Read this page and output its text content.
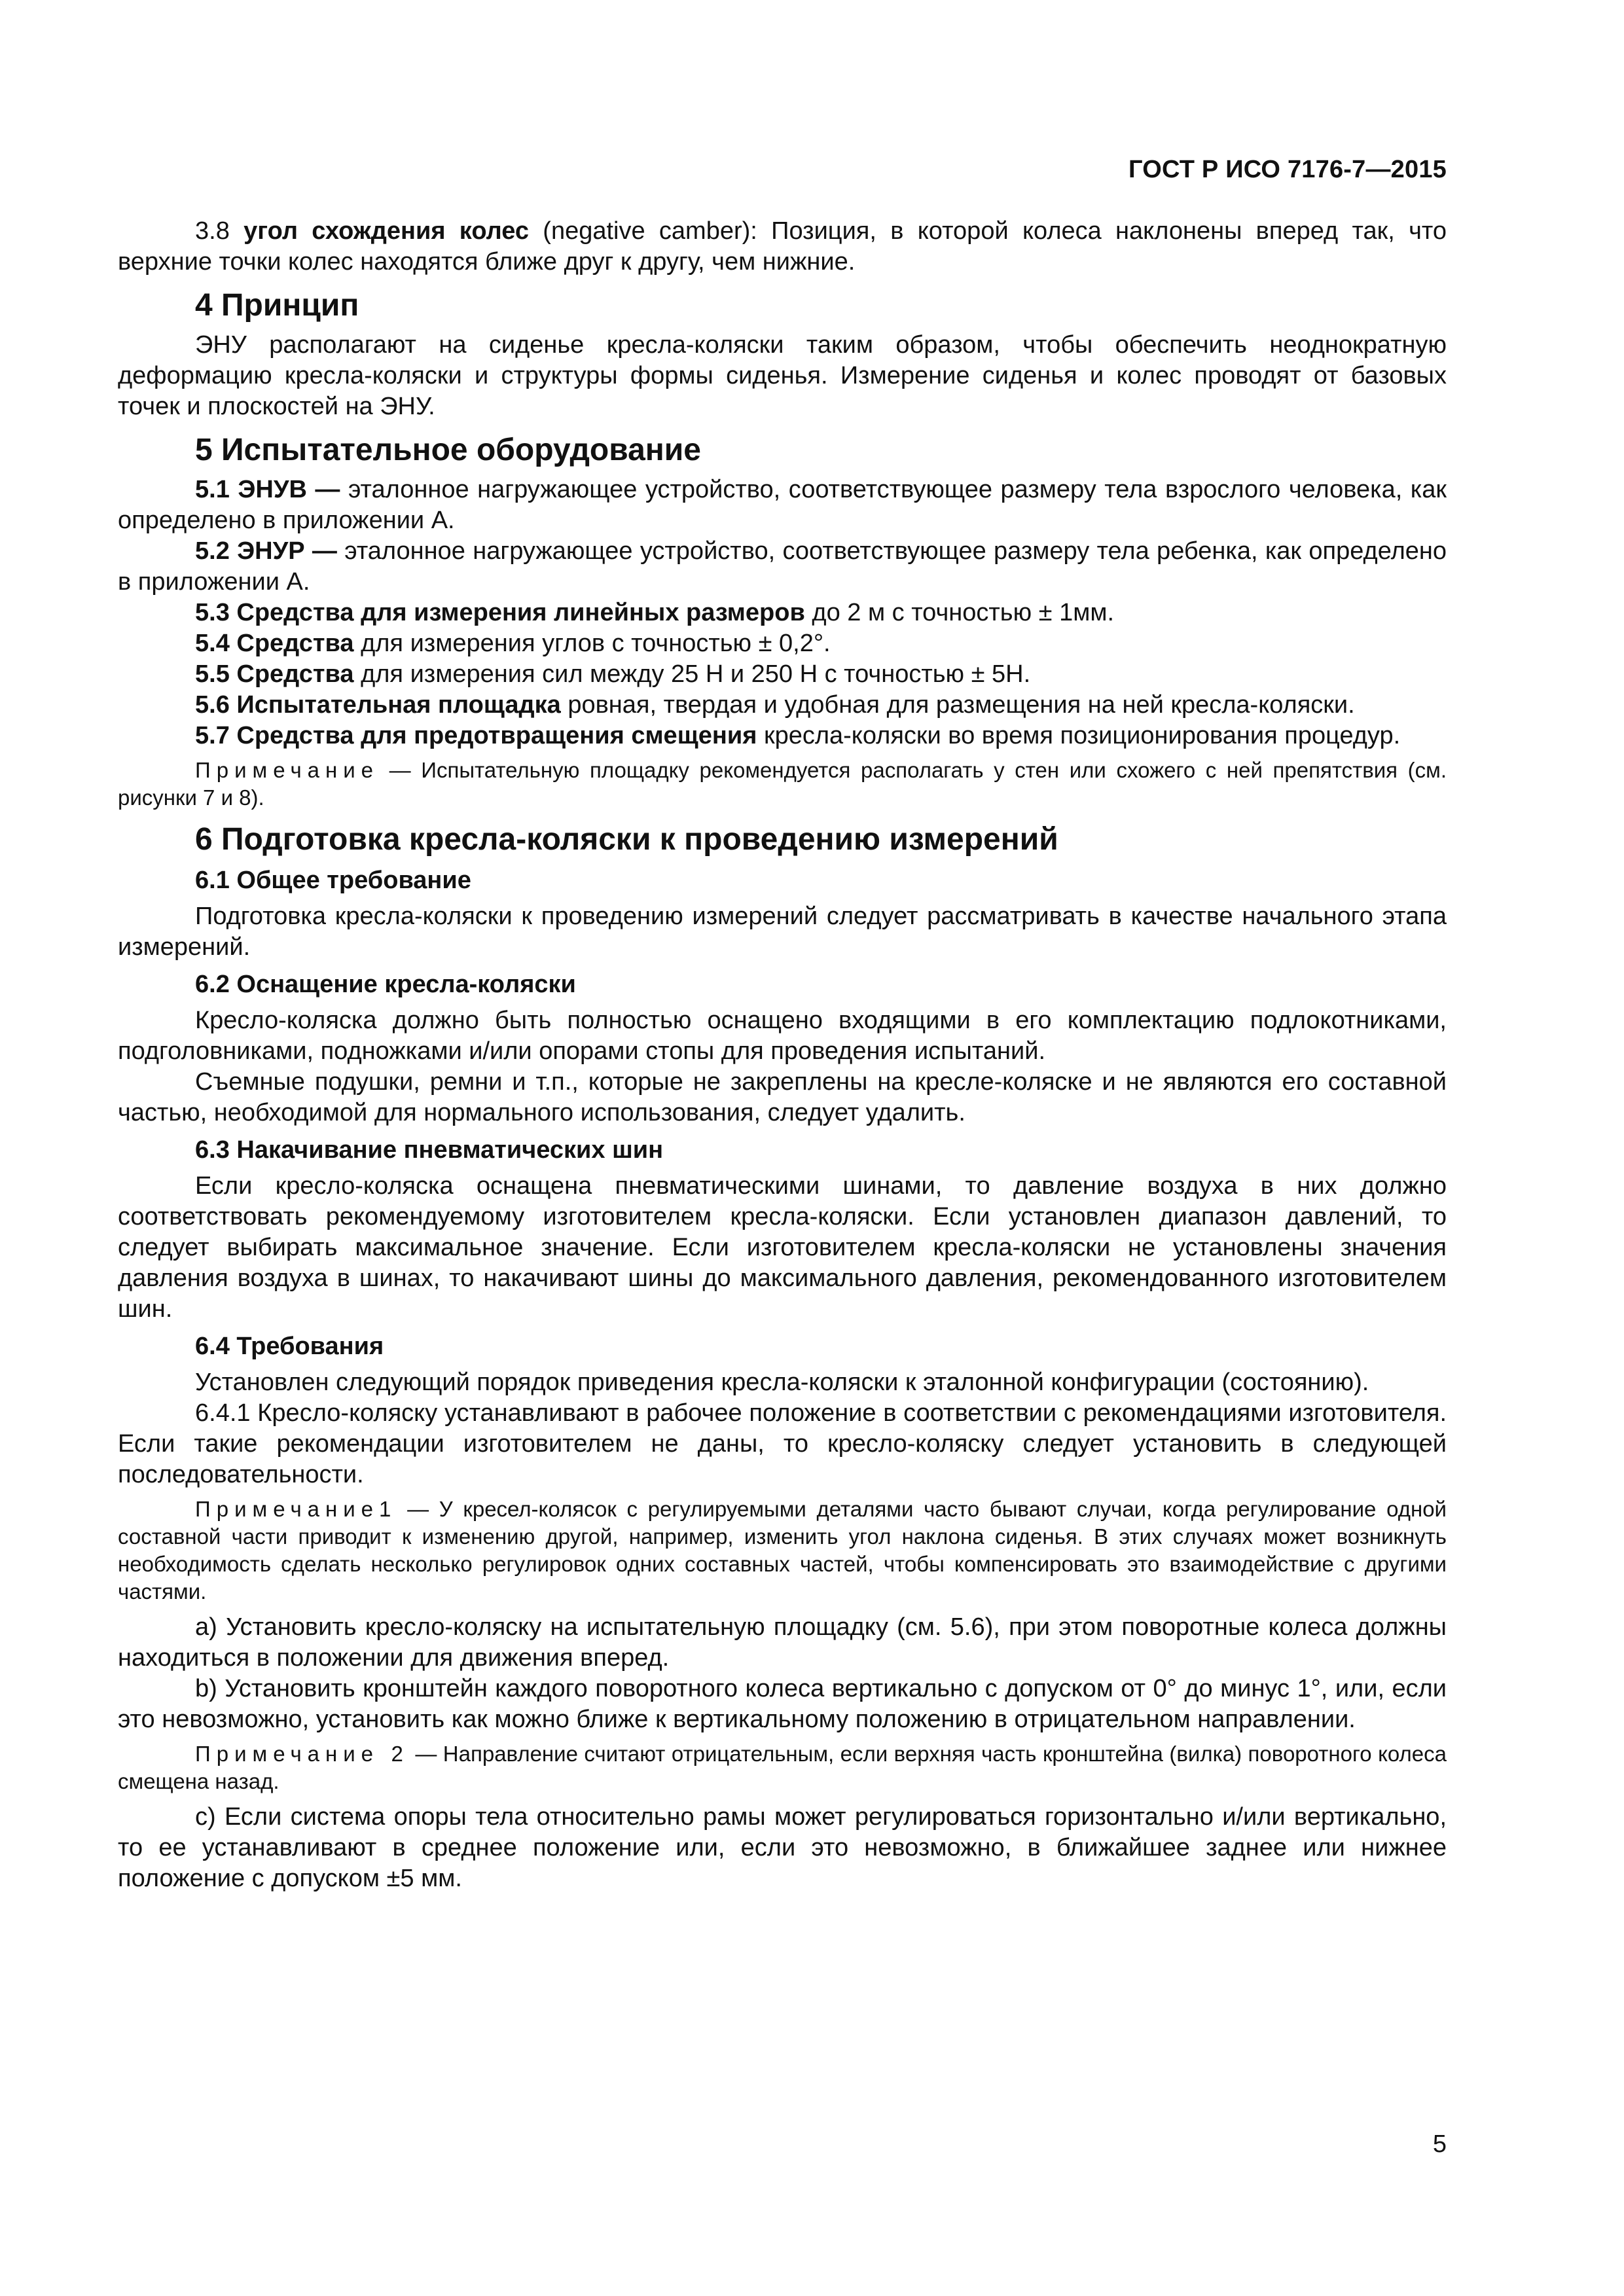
ГОСТ Р ИСО 7176-7—2015

3.8 угол схождения колес (negative camber): Позиция, в которой колеса наклонены вперед так, что верхние точки колес находятся ближе друг к другу, чем нижние.

4 Принцип

ЭНУ располагают на сиденье кресла-коляски таким образом, чтобы обеспечить неоднократную деформацию кресла-коляски и структуры формы сиденья. Измерение сиденья и колес проводят от базовых точек и плоскостей на ЭНУ.

5 Испытательное оборудование

5.1 ЭНУВ — эталонное нагружающее устройство, соответствующее размеру тела взрослого человека, как определено в приложении А.

5.2 ЭНУР — эталонное нагружающее устройство, соответствующее размеру тела ребенка, как определено в приложении А.

5.3 Средства для измерения линейных размеров до 2 м с точностью ± 1мм.

5.4 Средства для измерения углов с точностью ± 0,2°.

5.5 Средства для измерения сил между 25 Н и 250 Н с точностью ± 5Н.

5.6 Испытательная площадка ровная, твердая и удобная для размещения на ней кресла-коляски.

5.7 Средства для предотвращения смещения кресла-коляски во время позиционирования процедур.

Примечание — Испытательную площадку рекомендуется располагать у стен или схожего с ней препятствия (см. рисунки 7 и 8).
6 Подготовка кресла-коляски к проведению измерений
6.1 Общее требование

Подготовка кресла-коляски к проведению измерений следует рассматривать в качестве начального этапа измерений.

6.2 Оснащение кресла-коляски

Кресло-коляска должно быть полностью оснащено входящими в его комплектацию подлокотниками, подголовниками, подножками и/или опорами стопы для проведения испытаний.

Съемные подушки, ремни и т.п., которые не закреплены на кресле-коляске и не являются его составной частью, необходимой для нормального использования, следует удалить.

6.3 Накачивание пневматических шин

Если кресло-коляска оснащена пневматическими шинами, то давление воздуха в них должно соответствовать рекомендуемому изготовителем кресла-коляски. Если установлен диапазон давлений, то следует выбирать максимальное значение. Если изготовителем кресла-коляски не установлены значения давления воздуха в шинах, то накачивают шины до максимального давления, рекомендованного изготовителем шин.

6.4 Требования

Установлен следующий порядок приведения кресла-коляски к эталонной конфигурации (состоянию).

6.4.1 Кресло-коляску устанавливают в рабочее положение в соответствии с рекомендациями изготовителя. Если такие рекомендации изготовителем не даны, то кресло-коляску следует установить в следующей последовательности.

Примечание1 — У кресел-колясок с регулируемыми деталями часто бывают случаи, когда регулирование одной составной части приводит к изменению другой, например, изменить угол наклона сиденья. В этих случаях может возникнуть необходимость сделать несколько регулировок одних составных частей, чтобы компенсировать это взаимодействие с другими частями.

а) Установить кресло-коляску на испытательную площадку (см. 5.6), при этом поворотные колеса должны находиться в положении для движения вперед.

b) Установить кронштейн каждого поворотного колеса вертикально с допуском от 0° до минус 1°, или, если это невозможно, установить как можно ближе к вертикальному положению в отрицательном направлении.

Примечание 2 — Направление считают отрицательным, если верхняя часть кронштейна (вилка) поворотного колеса смещена назад.

с) Если система опоры тела относительно рамы может регулироваться горизонтально и/или вертикально, то ее устанавливают в среднее положение или, если это невозможно, в ближайшее заднее или нижнее положение с допуском ±5 мм.

5
